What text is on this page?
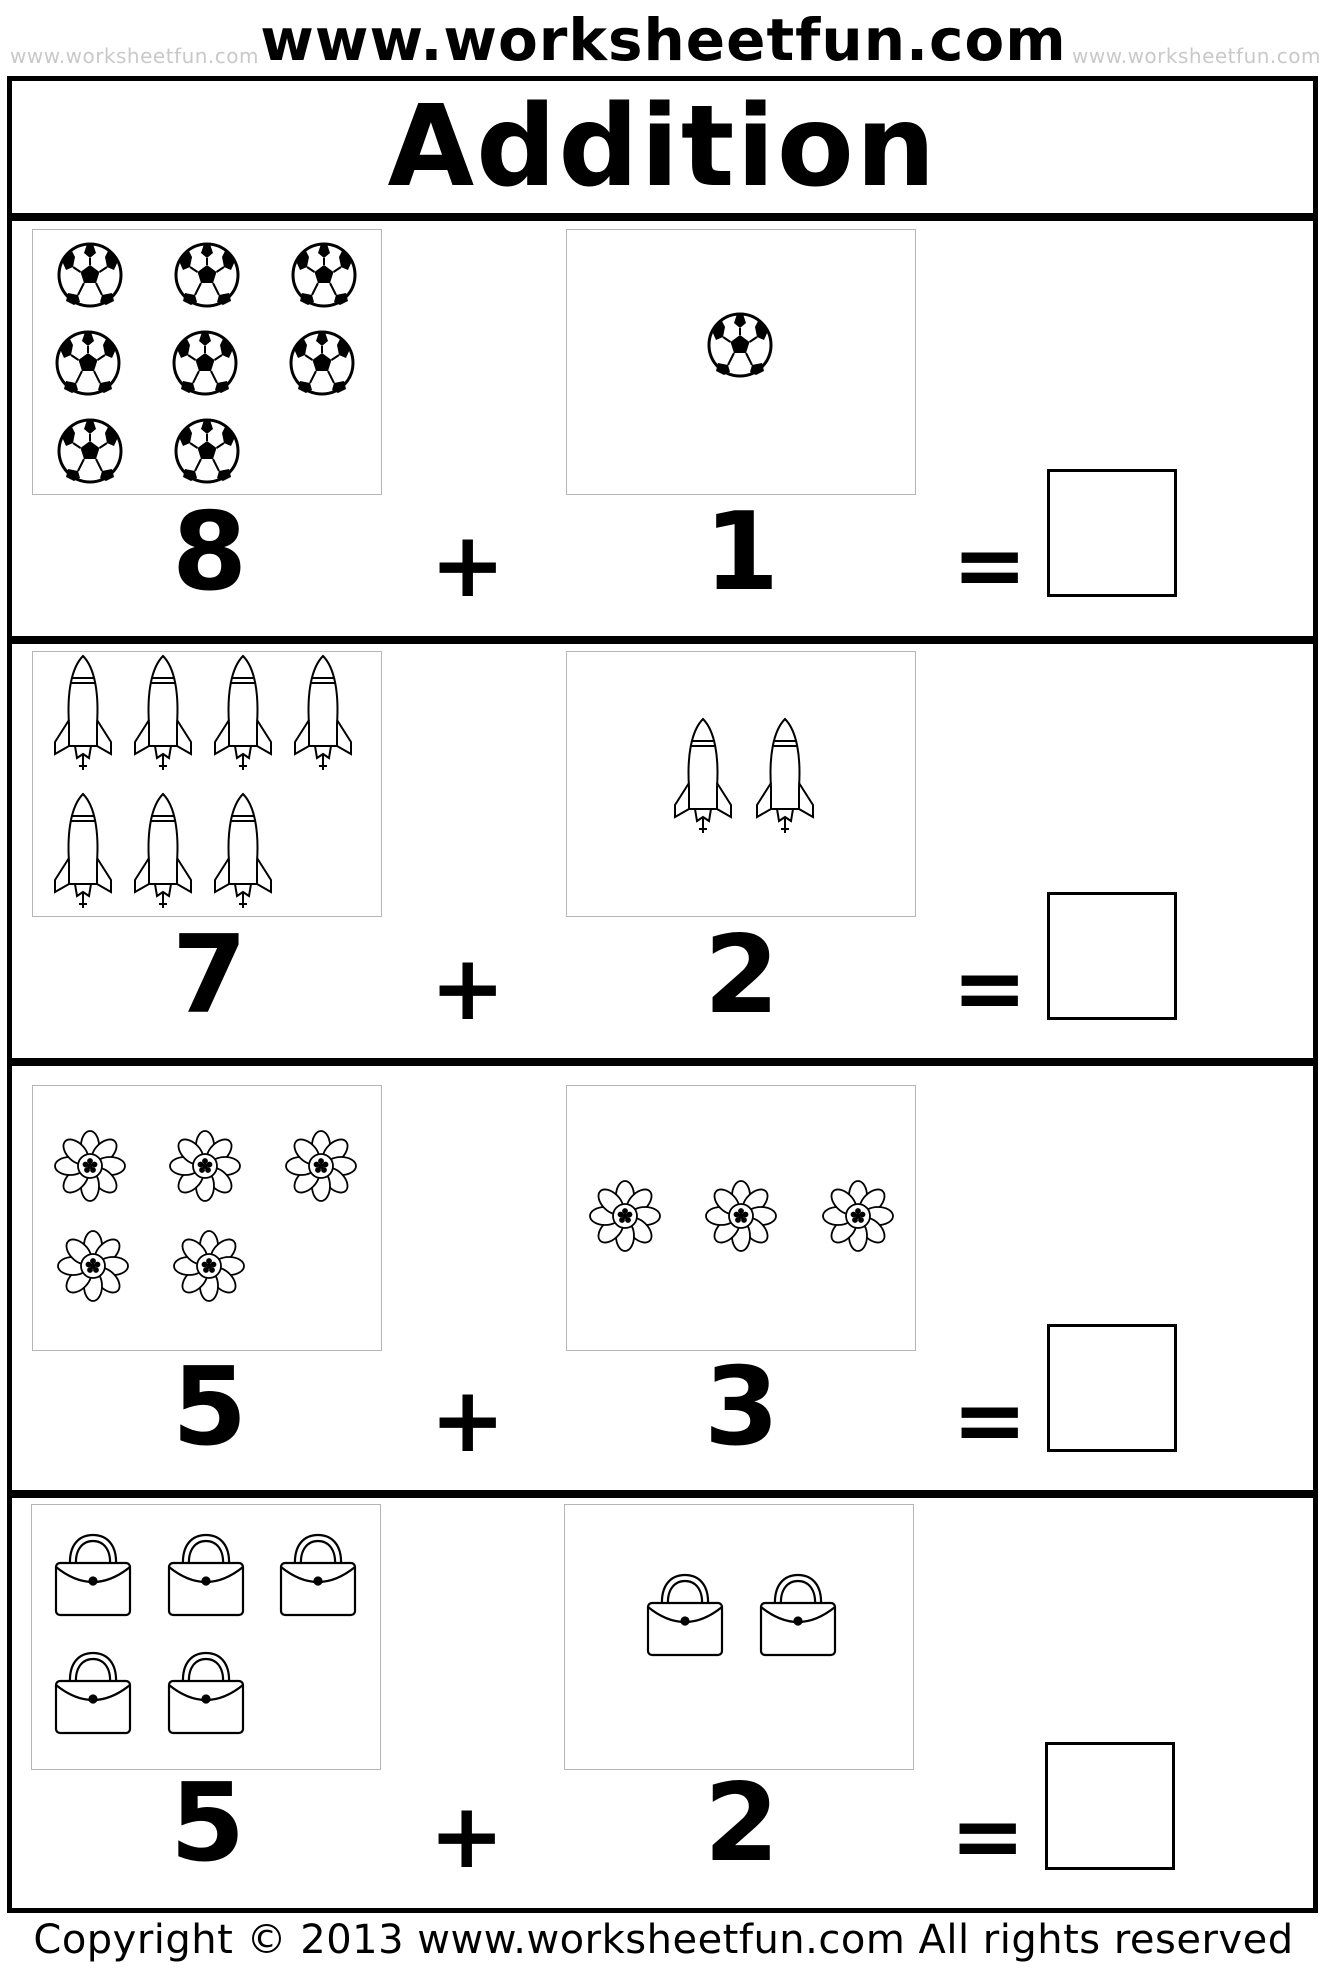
www.worksheetfun.com	www.worksheetfun.com
www.worksheetfun.com
Addition
8 + 1 =
7 + 2 =
5 + 3 =
5 + 2 =
Copyright © 2013 www.worksheetfun.com All rights reserved
